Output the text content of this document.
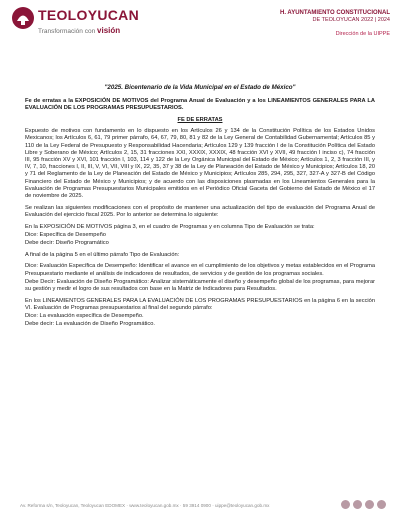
TEOLOYUCAN
Transformación con visión
H. AYUNTAMIENTO CONSTITUCIONAL
DE TEOLOYUCAN 2022 | 2024
Dirección de la UIPPE
"2025. Bicentenario de la Vida Municipal en el Estado de México"

Fe de erratas a la EXPOSICIÓN DE MOTIVOS del Programa Anual de Evaluación y a los LINEAMIENTOS GENERALES PARA LA EVALUACIÓN DE LOS PROGRAMAS PRESUPUESTARIOS.

FE DE ERRATAS

Expuesto de motivos con fundamento en lo dispuesto en los Artículos 26 y 134 de la Constitución Política de los Estados Unidos Mexicanos; los Artículos 6, 61, 79 primer párrafo, 64, 67, 79, 80, 81 y 82 de la Ley General de Contabilidad Gubernamental; Artículos 85 y 110 de la Ley Federal de Presupuesto y Responsabilidad Hacendaria; Artículos 129 y 139 fracción I de la Constitución Política del Estado Libre y Soberano de México; Artículos 2, 15, 31 fracciones XXI, XXXIX, XXXIX, 48 fracción XVI y XVII, 49 fracción I inciso c), 74 fracción III, 95 fracción XV y XVI, 101 fracción I, 103, 114 y 122 de la Ley Orgánica Municipal del Estado de México; Artículos 1, 2, 3 fracción III, y IV, 7, 10, fracciones I, II, III, V, VI, VII, VIII y IX, 22, 35, 37 y 38 de la Ley de Planeación del Estado de México y Municipios; Artículos 18, 20 y 71 del Reglamento de la Ley de Planeación del Estado de México y Municipios; Artículos 285, 294, 295, 327, 327-A y 327-B del Código Financiero del Estado de México y Municipios; y de acuerdo con las disposiciones plasmadas en los Lineamientos Generales para la Evaluación de Programas Presupuestarios Municipales emitidos en el Periódico Oficial Gaceta del Gobierno del Estado de México el 17 de noviembre de 2025.

Se realizan las siguientes modificaciones con el propósito de mantener una actualización del tipo de evaluación del Programa Anual de Evaluación del ejercicio fiscal 2025. Por lo anterior se determina lo siguiente:

En la EXPOSICIÓN DE MOTIVOS página 3, en el cuadro de Programas y en columna Tipo de Evaluación se trata:

Dice: Específica de Desempeño

Debe decir: Diseño Programático

A final de la página 5 en el último párrafo Tipo de Evaluación:

Dice: Evaluación Específica de Desempeño: Identificar el avance en el cumplimiento de los objetivos y metas establecidos en el Programa Presupuestario mediante el análisis de indicadores de resultados, de servicios y de gestión de los programas sociales.

Debe Decir: Evaluación de Diseño Programático: Analizar sistemáticamente el diseño y desempeño global de los programas, para mejorar su gestión y medir el logro de sus resultados con base en la Matriz de Indicadores para Resultados.

En los LINEAMIENTOS GENERALES PARA LA EVALUACIÓN DE LOS PROGRAMAS PRESUPUESTARIOS en la página 6 en la sección VI. Evaluación de Programas presupuestarios al final del segundo párrafo:

Dice: La evaluación específica de Desempeño.

Debe decir: La evaluación de Diseño Programático.

Av. Reforma s/n, Teoloyucan, Teoloyucan EDOMEX · www.teoloyucan.gob.mx · 59 3914 0900 · uippe@teoloyucan.gob.mx
